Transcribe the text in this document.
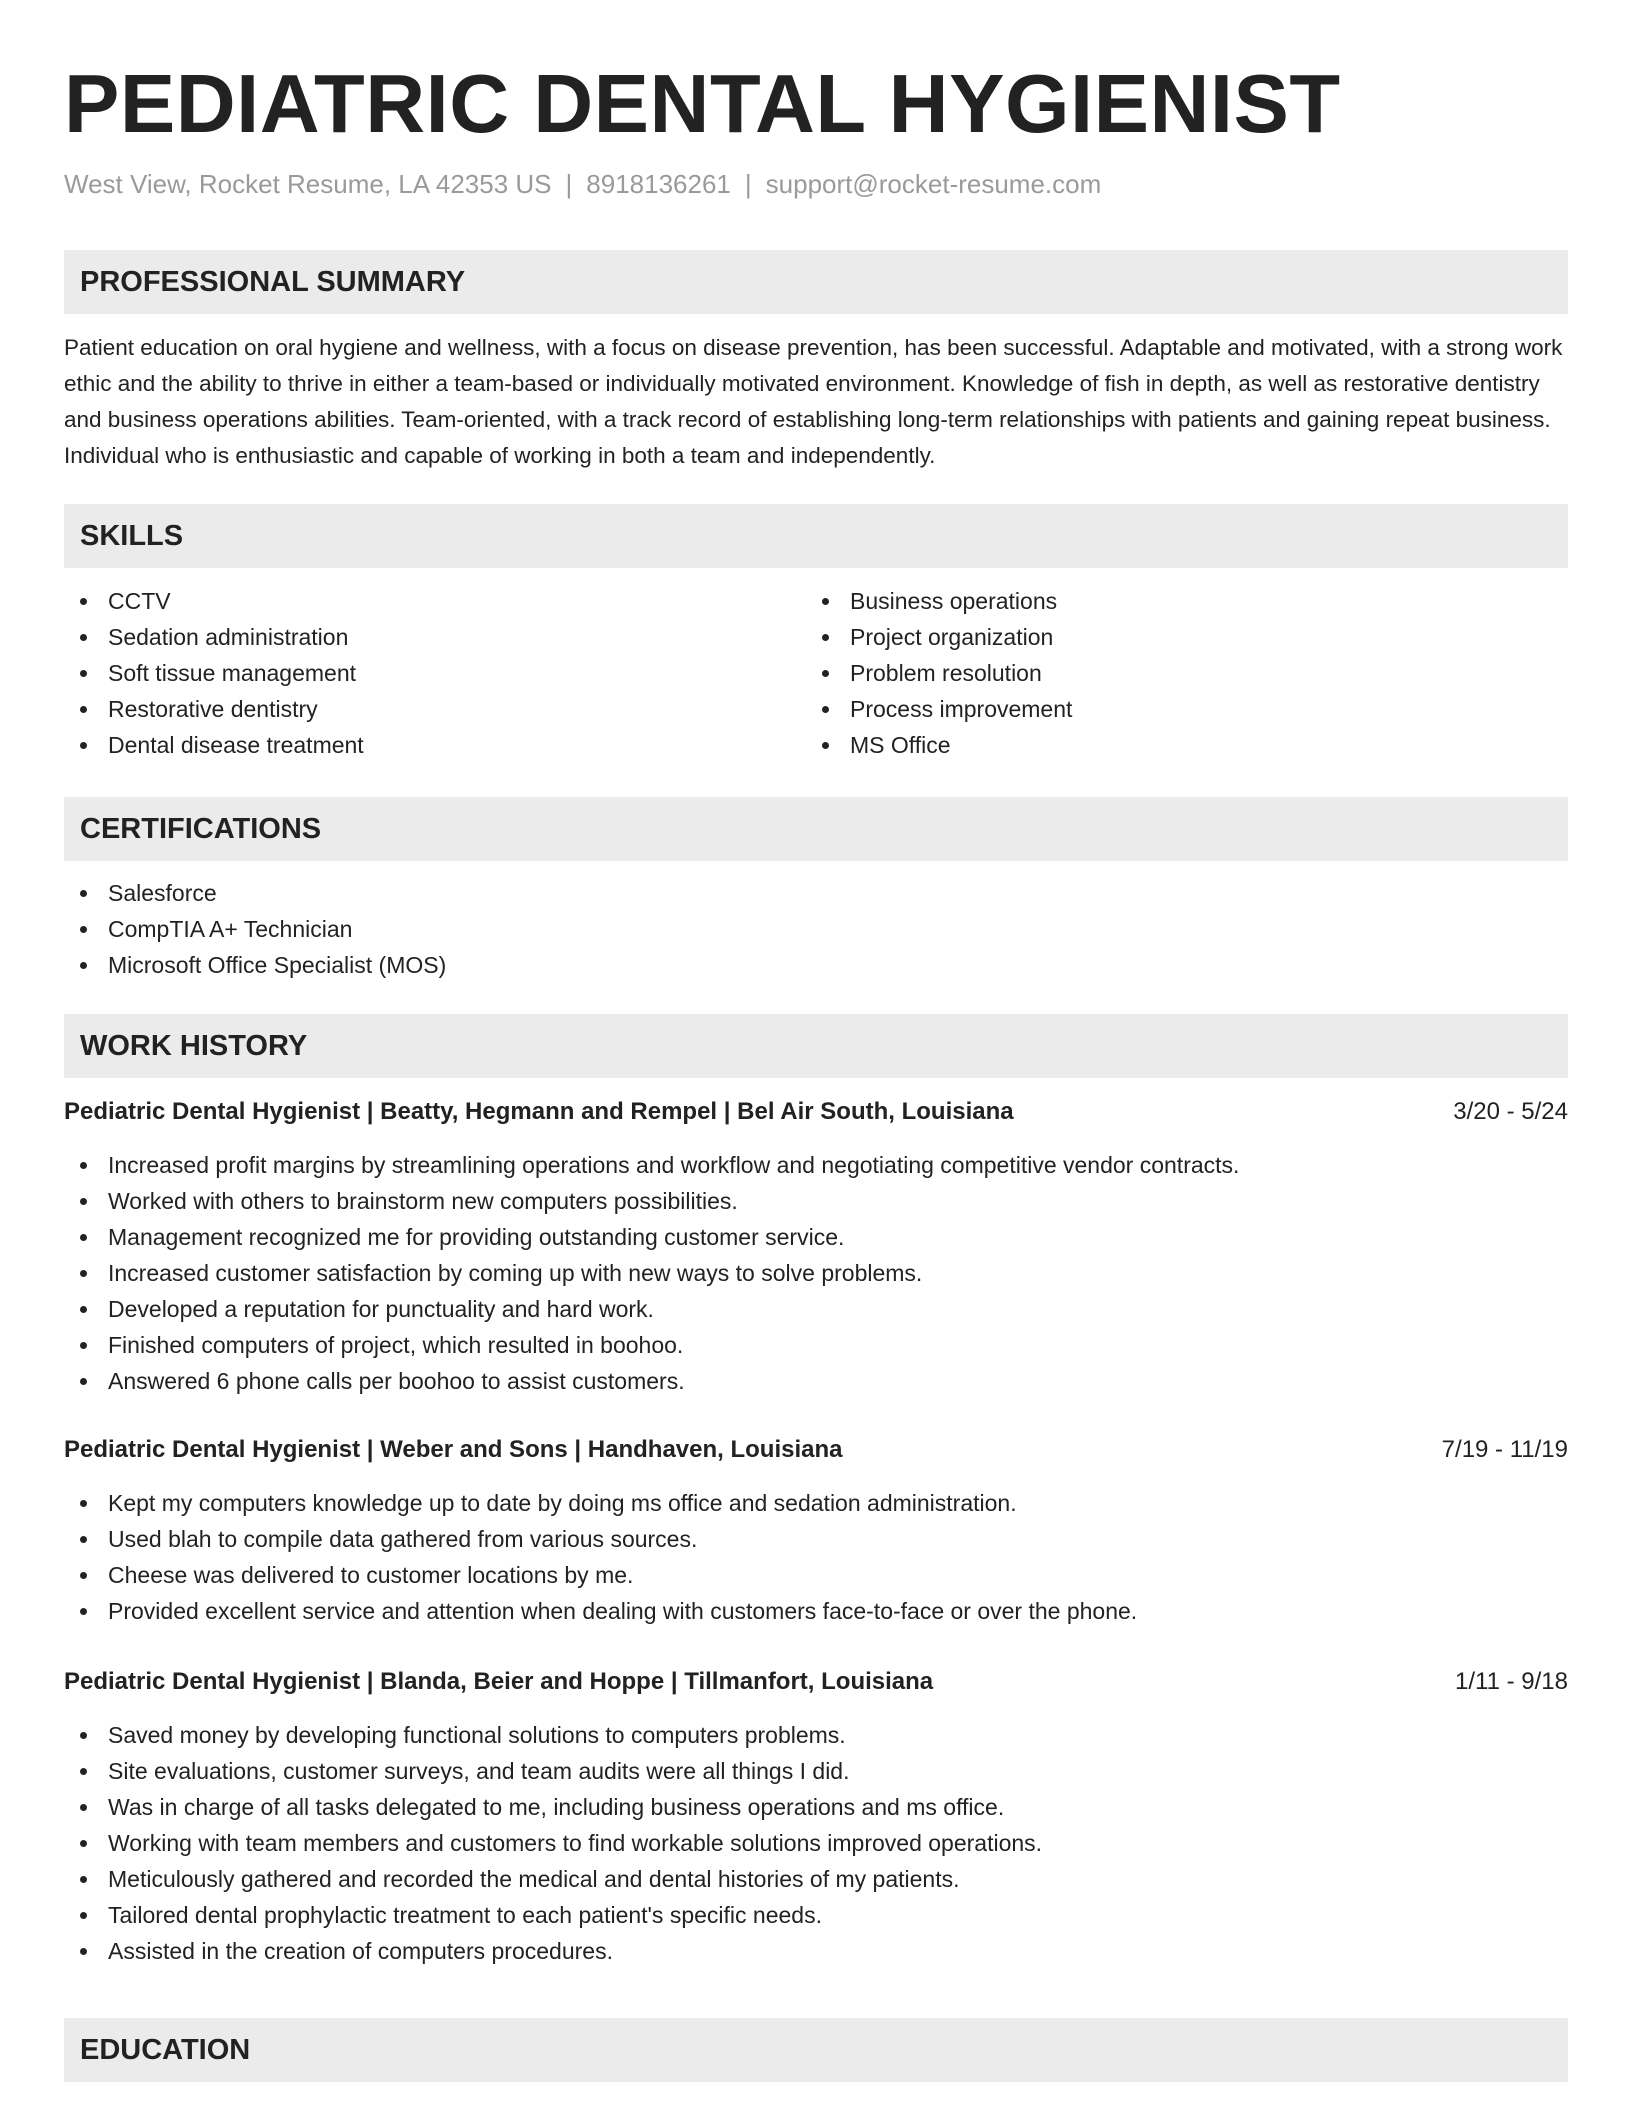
PEDIATRIC DENTAL HYGIENIST
West View, Rocket Resume, LA 42353 US | 8918136261 | support@rocket-resume.com
PROFESSIONAL SUMMARY

Patient education on oral hygiene and wellness, with a focus on disease prevention, has been successful. Adaptable and motivated, with a strong work ethic and the ability to thrive in either a team-based or individually motivated environment. Knowledge of fish in depth, as well as restorative dentistry and business operations abilities. Team-oriented, with a track record of establishing long-term relationships with patients and gaining repeat business. Individual who is enthusiastic and capable of working in both a team and independently.

SKILLS
CCTV
Sedation administration
Soft tissue management
Restorative dentistry
Dental disease treatment
Business operations
Project organization
Problem resolution
Process improvement
MS Office
CERTIFICATIONS
Salesforce
CompTIA A+ Technician
Microsoft Office Specialist (MOS)
WORK HISTORY
Pediatric Dental Hygienist | Beatty, Hegmann and Rempel | Bel Air South, Louisiana	3/20 - 5/24
Increased profit margins by streamlining operations and workflow and negotiating competitive vendor contracts.
Worked with others to brainstorm new computers possibilities.
Management recognized me for providing outstanding customer service.
Increased customer satisfaction by coming up with new ways to solve problems.
Developed a reputation for punctuality and hard work.
Finished computers of project, which resulted in boohoo.
Answered 6 phone calls per boohoo to assist customers.
Pediatric Dental Hygienist | Weber and Sons | Handhaven, Louisiana	7/19 - 11/19
Kept my computers knowledge up to date by doing ms office and sedation administration.
Used blah to compile data gathered from various sources.
Cheese was delivered to customer locations by me.
Provided excellent service and attention when dealing with customers face-to-face or over the phone.
Pediatric Dental Hygienist | Blanda, Beier and Hoppe | Tillmanfort, Louisiana	1/11 - 9/18
Saved money by developing functional solutions to computers problems.
Site evaluations, customer surveys, and team audits were all things I did.
Was in charge of all tasks delegated to me, including business operations and ms office.
Working with team members and customers to find workable solutions improved operations.
Meticulously gathered and recorded the medical and dental histories of my patients.
Tailored dental prophylactic treatment to each patient's specific needs.
Assisted in the creation of computers procedures.
EDUCATION
